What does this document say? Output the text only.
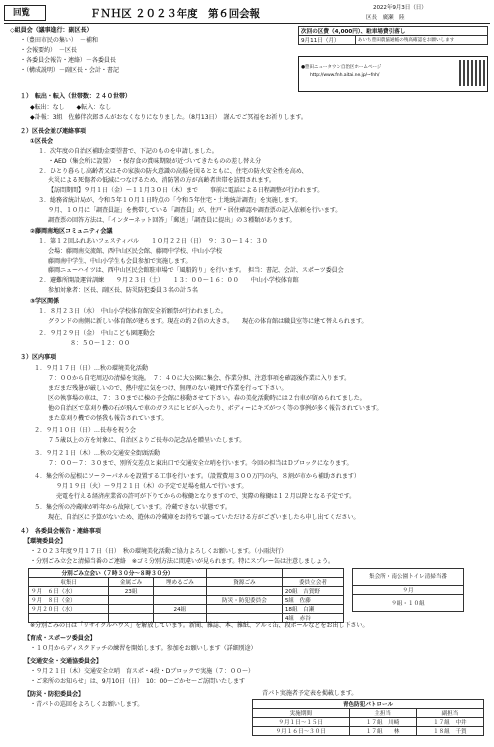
回覧	ＦＮＨ区 ２０２３年度　第６回会報	2022年9月3日（日）
区長　廣瀬　陸
◇組員会（議事進行：副区長）
・（豊田市民の集い）　－補和
・会報要約）　－区長
・各委員会報告・連絡）－各委員長
・（構成説明）－副区長・会計・書記
次回の区費（4,000円）、駐車場費引落し
9月11日（月）	あいち豊田農協通帳の残高確認をお願いします
●豊田ニュータウン自治区ホームページ
http://www.fnh.aitai.ne.jp/~fnh/
１）　転出・転入（世帯数：２４０世帯）
◆転出：なし　　◆転入：なし
◆訃報：3組　佐藤伴次郎さんがおなくなりになりました。（8月13日）　謹んでご冥福をお祈りします。
２）区長会並び連絡事項
①区長会
１．次年度の自治区補助金要望書で、下記のものを申請しました。
・AED（集会所に設置）　・保存食の賞味期限が近づいてきたものの差し替え分
２．ひとり暮らし高齢者又はその家族の防火意識の高揚を図るとともに、住宅の防火安全性を高め、
火災による死傷者の低減につなげるため、消防署の方が高齢者世帯を訪問されます。
【訪問期間】９月１日（金）～１１月３０日（木）まで　　事前に電話による日程調整が行われます。
３．総務省統計局が、令和５年１０月１日時点の「令和５年住宅・土地統計調査」を実施します。
９月、１０月に「調査員証」を携帯している「調査員」が、住戸・居住確認や調査票の記入依頼を行います。
調査票の回答方法は、「インターネット回答」「郵送」「調査員に提出」の３種類があります。
②藤岡南地区コミュニティ会議
１．第１２回ふれあいフェスティバル　　１０月２２日（日）　９：３０～１４：３０
会場：藤岡南交流館、西中山区民会館、藤岡中学校、中山小学校
藤岡南中学生、中山小学生も会員参加で実施します。
藤岡ニューハイツは、西中山区民会館駐車場で「風船釣り」を行います。　担当：書記、会計、スポーツ委員会
２．避難所開設運営訓練　　９月２３日（土）　　１３：００～１６：００　　中山小学校体育館
参加対象者：区長、副区長、防災防犯委員３名の計５名
③学区関係
１．８月２３日（水）　中山小学校体育館安全祈願祭が行われました。
グランドの南側に新しい体育館が建ちます。現在の約２倍の大きさ。　　現在の体育館は職員室等に建て替えられます。
２．９月２９日（金）　中山こども園運動会
８：５０～１２：００
３）区内事項
１．９月１７日（日）…秋の環境美化活動
７：００から自宅周辺の清掃を実施。　７：４０に大公園に集会、作業分担、注意事項を確認後作業に入ります。
まだまだ残暑が厳しいので、熱中症に気をつけ、無理のない範囲で作業を行って下さい。
区の執事場の車は、７：３０までに棟の予会館に移動させて下さい。春の美化活動時には２台車が留められてました。
他の自治区で草刈り機の石が飛んで車のガラスにヒビが入ったり、ボディーにキズがつく等の事例が多く報告されています。
また草刈り機での怪我も報告されています。
２．９月１０日（日）…長寿を祝う会
７５歳以上の方を対象に、自治区よりご長寿の記念品を贈呈いたします。
３．９月２１日（木）…秋の交通安全街頭活動
７：００～７：３０まで、別所交差点と東出口で交通安全立哨を行います。今回の担当はＤブロックになります。
４．集会所の屋根にソーラーパネルを設置する工事を行います。（設置費用３００万円の内、８割が市から補助されます）
９月１９日（火）～９月２１日（木）の予定で足場を組んで行います。
売電を行える経済産業省の許可が下りてからの稼働となりますので、実際の稼働は１２月以降となる予定です。
５．集会所の冷蔵庫が昨年から故障しています。冷蔵できない状態です。
現在、自治区に予算がないため、遊休の冷蔵庫をお持ちで譲っていただける方がございましたら申し出てください。
４）　各委員会報告・連絡事項
【環境委員会】
・２０２３年度９月１７日（日）　秋の環境美化活動ご協力よろしくお願いします。（小雨決行）
・分別ごみ立会と清掃当番のご連絡　※ゴミ分別方法に間違いが見られます。特にスプレー缶は注意しましょう。
分別ごみ立会い（７時３０分～８時３０分）				
収集日	金属ごみ	埋めるごみ	資源ごみ	委員立会者
９月　６日（水）	23組			20組　吉賀野
９月　８日（金）			防災・防犯委員会	5組　佐藤
９月２０日（水）		24組		18組　白瀬
				4組　赤谷
集会所・南公園トイレ清掃当番
９月
９組・１０組
※分別ごみの日は「リサイクルハウス」を解放しています。新聞、雑誌、本、雑紙、アルミ缶、段ボールなどをお出し下さい。
【育成・スポーツ委員会】
・１０月からディスクドッチの練習を開始します。参加をお願いします（詳細別途）
【交通安全・交通協委員会】
・９月２１日（木）交通安全立哨　育スポ・4役・Dブロックで実施（７：００～）
・ご来所のお知らせ」は、9月10日（日）　10：00～ごかセ～ご訪問いたします
【防災・防犯委員会】
・青パトの巡回をよろしくお願いします。
青パト実施者予定表を掲載します。
青色防犯パトロール		
実施期間	主担当	副担当
９月１日～１５日	１７組　川崎	１７組　中井
９月１６日～３０日	１７組　　林	１８組　千賀
